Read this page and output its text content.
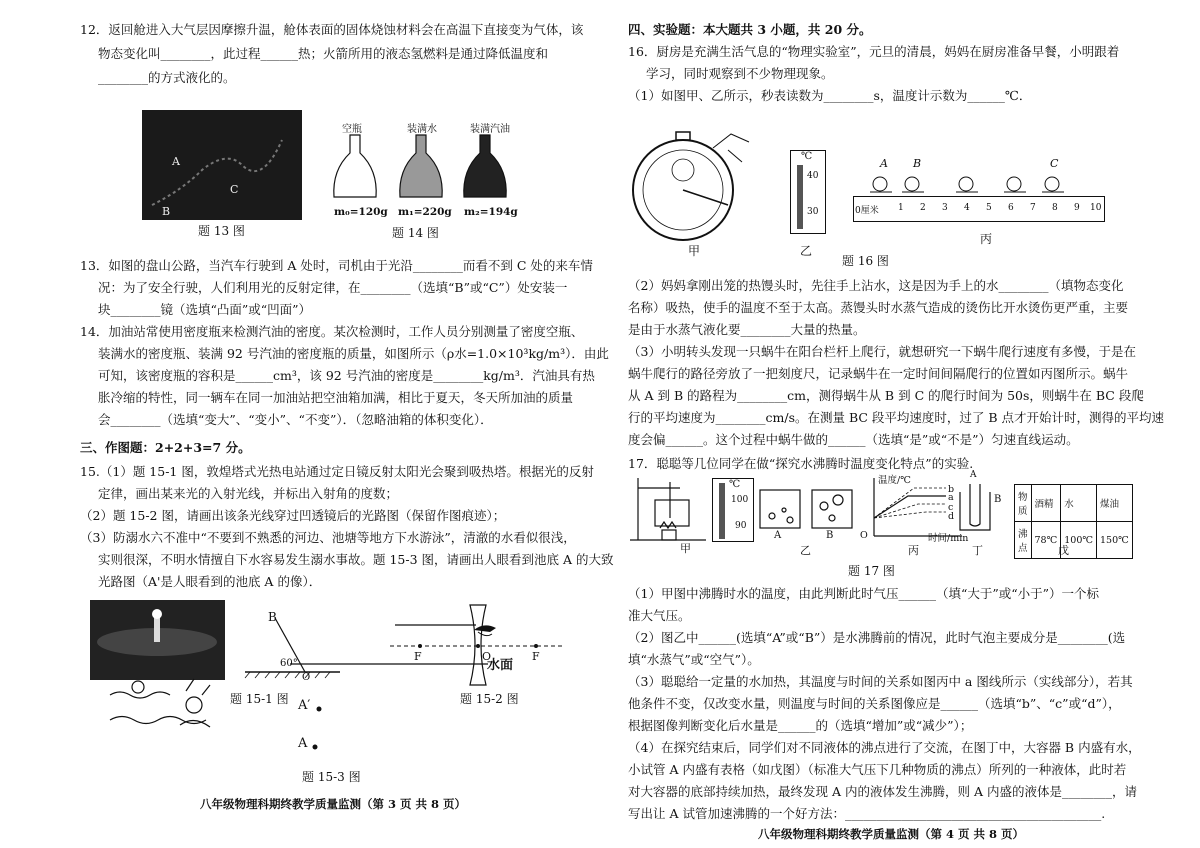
12．返回舱进入大气层因摩擦升温，舱体表面的固体烧蚀材料会在高温下直接变为气体，该
物态变化叫________，此过程______热；火箭所用的液态氢燃料是通过降低温度和
________的方式液化的。
A
B
C
题 13 图
空瓶	装满水	装满汽油
m₀=120g m₁=220g m₂=194g
题 14 图
13．如图的盘山公路，当汽车行驶到 A 处时，司机由于光沿________而看不到 C 处的来车情
况：为了安全行驶，人们利用光的反射定律，在________（选填“B”或“C”）处安装一
块________镜（选填“凸面”或“凹面”）
14．加油站常使用密度瓶来检测汽油的密度。某次检测时，工作人员分别测量了密度空瓶、
装满水的密度瓶、装满 92 号汽油的密度瓶的质量，如图所示（ρ水=1.0×10³kg/m³）．由此
可知，该密度瓶的容积是______cm³，该 92 号汽油的密度是________kg/m³．汽油具有热
胀冷缩的特性，同一辆车在同一加油站把空油箱加满，相比于夏天，冬天所加油的质量
会________（选填“变大”、“变小”、“不变”）．（忽略油箱的体积变化）．
三、作图题：2+2+3=7 分。
15.（1）题 15-1 图，敦煌塔式光热电站通过定日镜反射太阳光会聚到吸热塔。根据光的反射
定律，画出某来光的入射光线，并标出入射角的度数；
（2）题 15-2 图，请画出该条光线穿过凹透镜后的光路图（保留作图痕迹）；
（3）防溺水六不准中“不要到不熟悉的河边、池塘等地方下水游泳”，清澈的水看似很浅，
实则很深，不明水情擅自下水容易发生溺水事故。题 15-3 图，请画出人眼看到池底 A 的大致
光路图（A'是人眼看到的池底 A 的像）．
B
O
60°
题 15-1 图
F	O	F
题 15-2 图
水面
A′
A
题 15-3 图
八年级物理科期终教学质量监测（第 3 页 共 8 页）
四、实验题：本大题共 3 小题，共 20 分。
16．厨房是充满生活气息的“物理实验室”，元旦的清晨，妈妈在厨房准备早餐，小明跟着
学习，同时观察到不少物理现象。
（1）如图甲、乙所示，秒表读数为________s，温度计示数为______℃．
甲
℃
40
30
乙
A B	C
0厘米 1 2 3 4 5 6 7 8 9 10
丙
题 16 图
（2）妈妈拿刚出笼的热馒头时，先往手上沾水，这是因为手上的水________（填物态变化
名称）吸热，使手的温度不至于太高。蒸馒头时水蒸气造成的烫伤比开水烫伤更严重，主要
是由于水蒸气液化要________大量的热量。
（3）小明转头发现一只蜗牛在阳台栏杆上爬行，就想研究一下蜗牛爬行速度有多慢，于是在
蜗牛爬行的路径旁放了一把刻度尺，记录蜗牛在一定时间间隔爬行的位置如丙图所示。蜗牛
从 A 到 B 的路程为________cm，测得蜗牛从 B 到 C 的爬行时间为 50s，则蜗牛在 BC 段爬
行的平均速度为________cm/s。在测量 BC 段平均速度时，过了 B 点才开始计时，测得的平均速
度会偏______。这个过程中蜗牛做的______（选填“是”或“不是”）匀速直线运动。
17．聪聪等几位同学在做“探究水沸腾时温度变化特点”的实验.
甲
℃
100
90
A	B
乙
温度/℃
时间/min
O
b
a
c
d
丙
B
A
丁
物质	酒精	水	煤油
沸点	78℃	100℃	150℃
戊
题 17 图
（1）甲图中沸腾时水的温度，由此判断此时气压______（填“大于”或“小于”）一个标
准大气压。
（2）图乙中______(选填“A”或“B”）是水沸腾前的情况，此时气泡主要成分是________(选
填“水蒸气”或“空气”）。
（3）聪聪给一定量的水加热，其温度与时间的关系如图丙中 a 图线所示（实线部分），若其
他条件不变，仅改变水量，则温度与时间的关系图像应是______（选填“b”、“c”或“d”），
根据图像判断变化后水量是______的（选填“增加”或“减少”）；
（4）在探究结束后，同学们对不同液体的沸点进行了交流，在图丁中，大容器 B 内盛有水，
小试管 A 内盛有表格（如戊图）（标准大气压下几种物质的沸点）所列的一种液体，此时若
对大容器的底部持续加热，最终发现 A 内的液体发生沸腾，则 A 内盛的液体是________，请
写出让 A 试管加速沸腾的一个好方法：_________________________________________.
八年级物理科期终教学质量监测（第 4 页 共 8 页）
